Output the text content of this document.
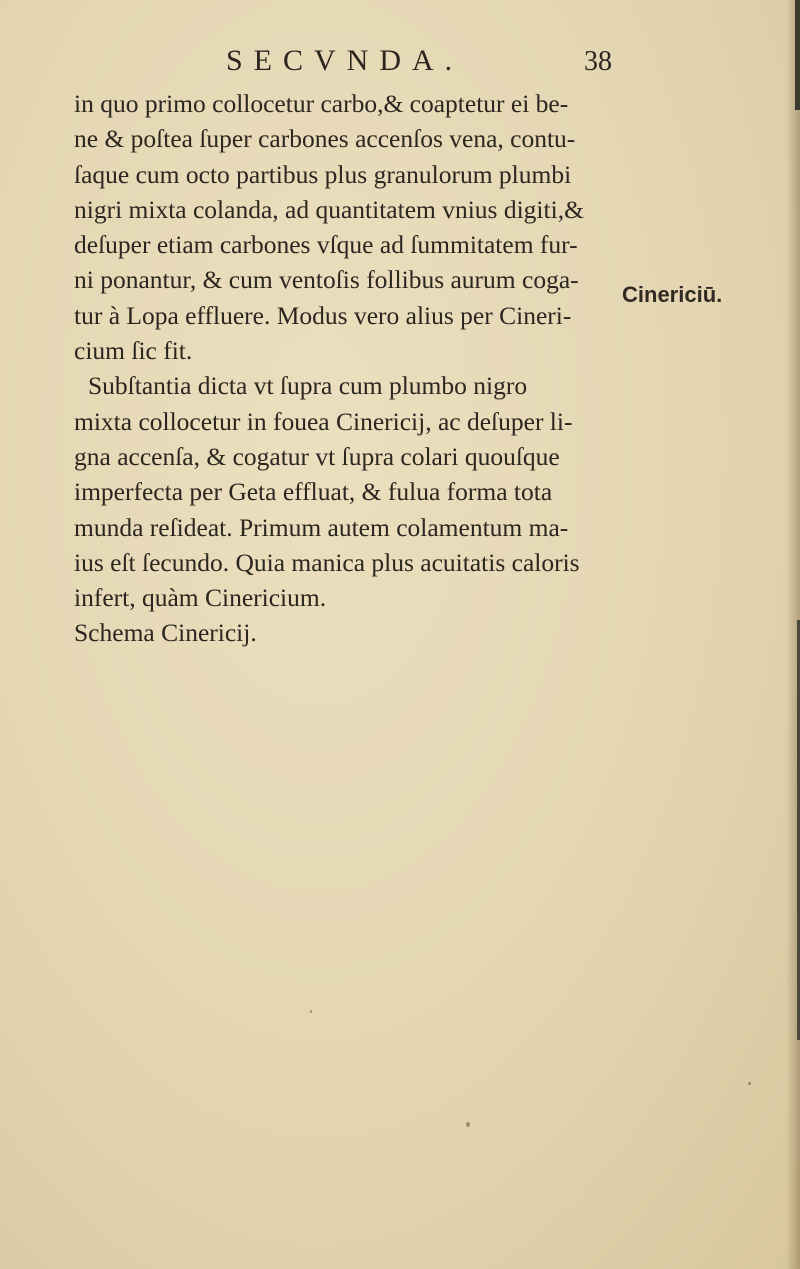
SECVNDA.	38
in quo primo collocetur carbo,& coaptetur ei be-
ne & poſtea ſuper carbones accenſos vena, contu-
ſaque cum octo partibus plus granulorum plumbi
nigri mixta colanda, ad quantitatem vnius digiti,&
deſuper etiam carbones vſque ad ſummitatem fur-
ni ponantur, & cum ventoſis follibus aurum coga-
tur à Lopa effluere. Modus vero alius per Cineri-
cium ſic fit.
Subſtantia dicta vt ſupra cum plumbo nigro
mixta collocetur in fouea Cinericij, ac deſuper li-
gna accenſa, & cogatur vt ſupra colari quouſque
imperfecta per Geta effluat, & fulua forma tota
munda reſideat. Primum autem colamentum ma-
ius eſt ſecundo. Quia manica plus acuitatis caloris
infert, quàm Cinericium.
Schema Cinericij.
Cinericiū.
